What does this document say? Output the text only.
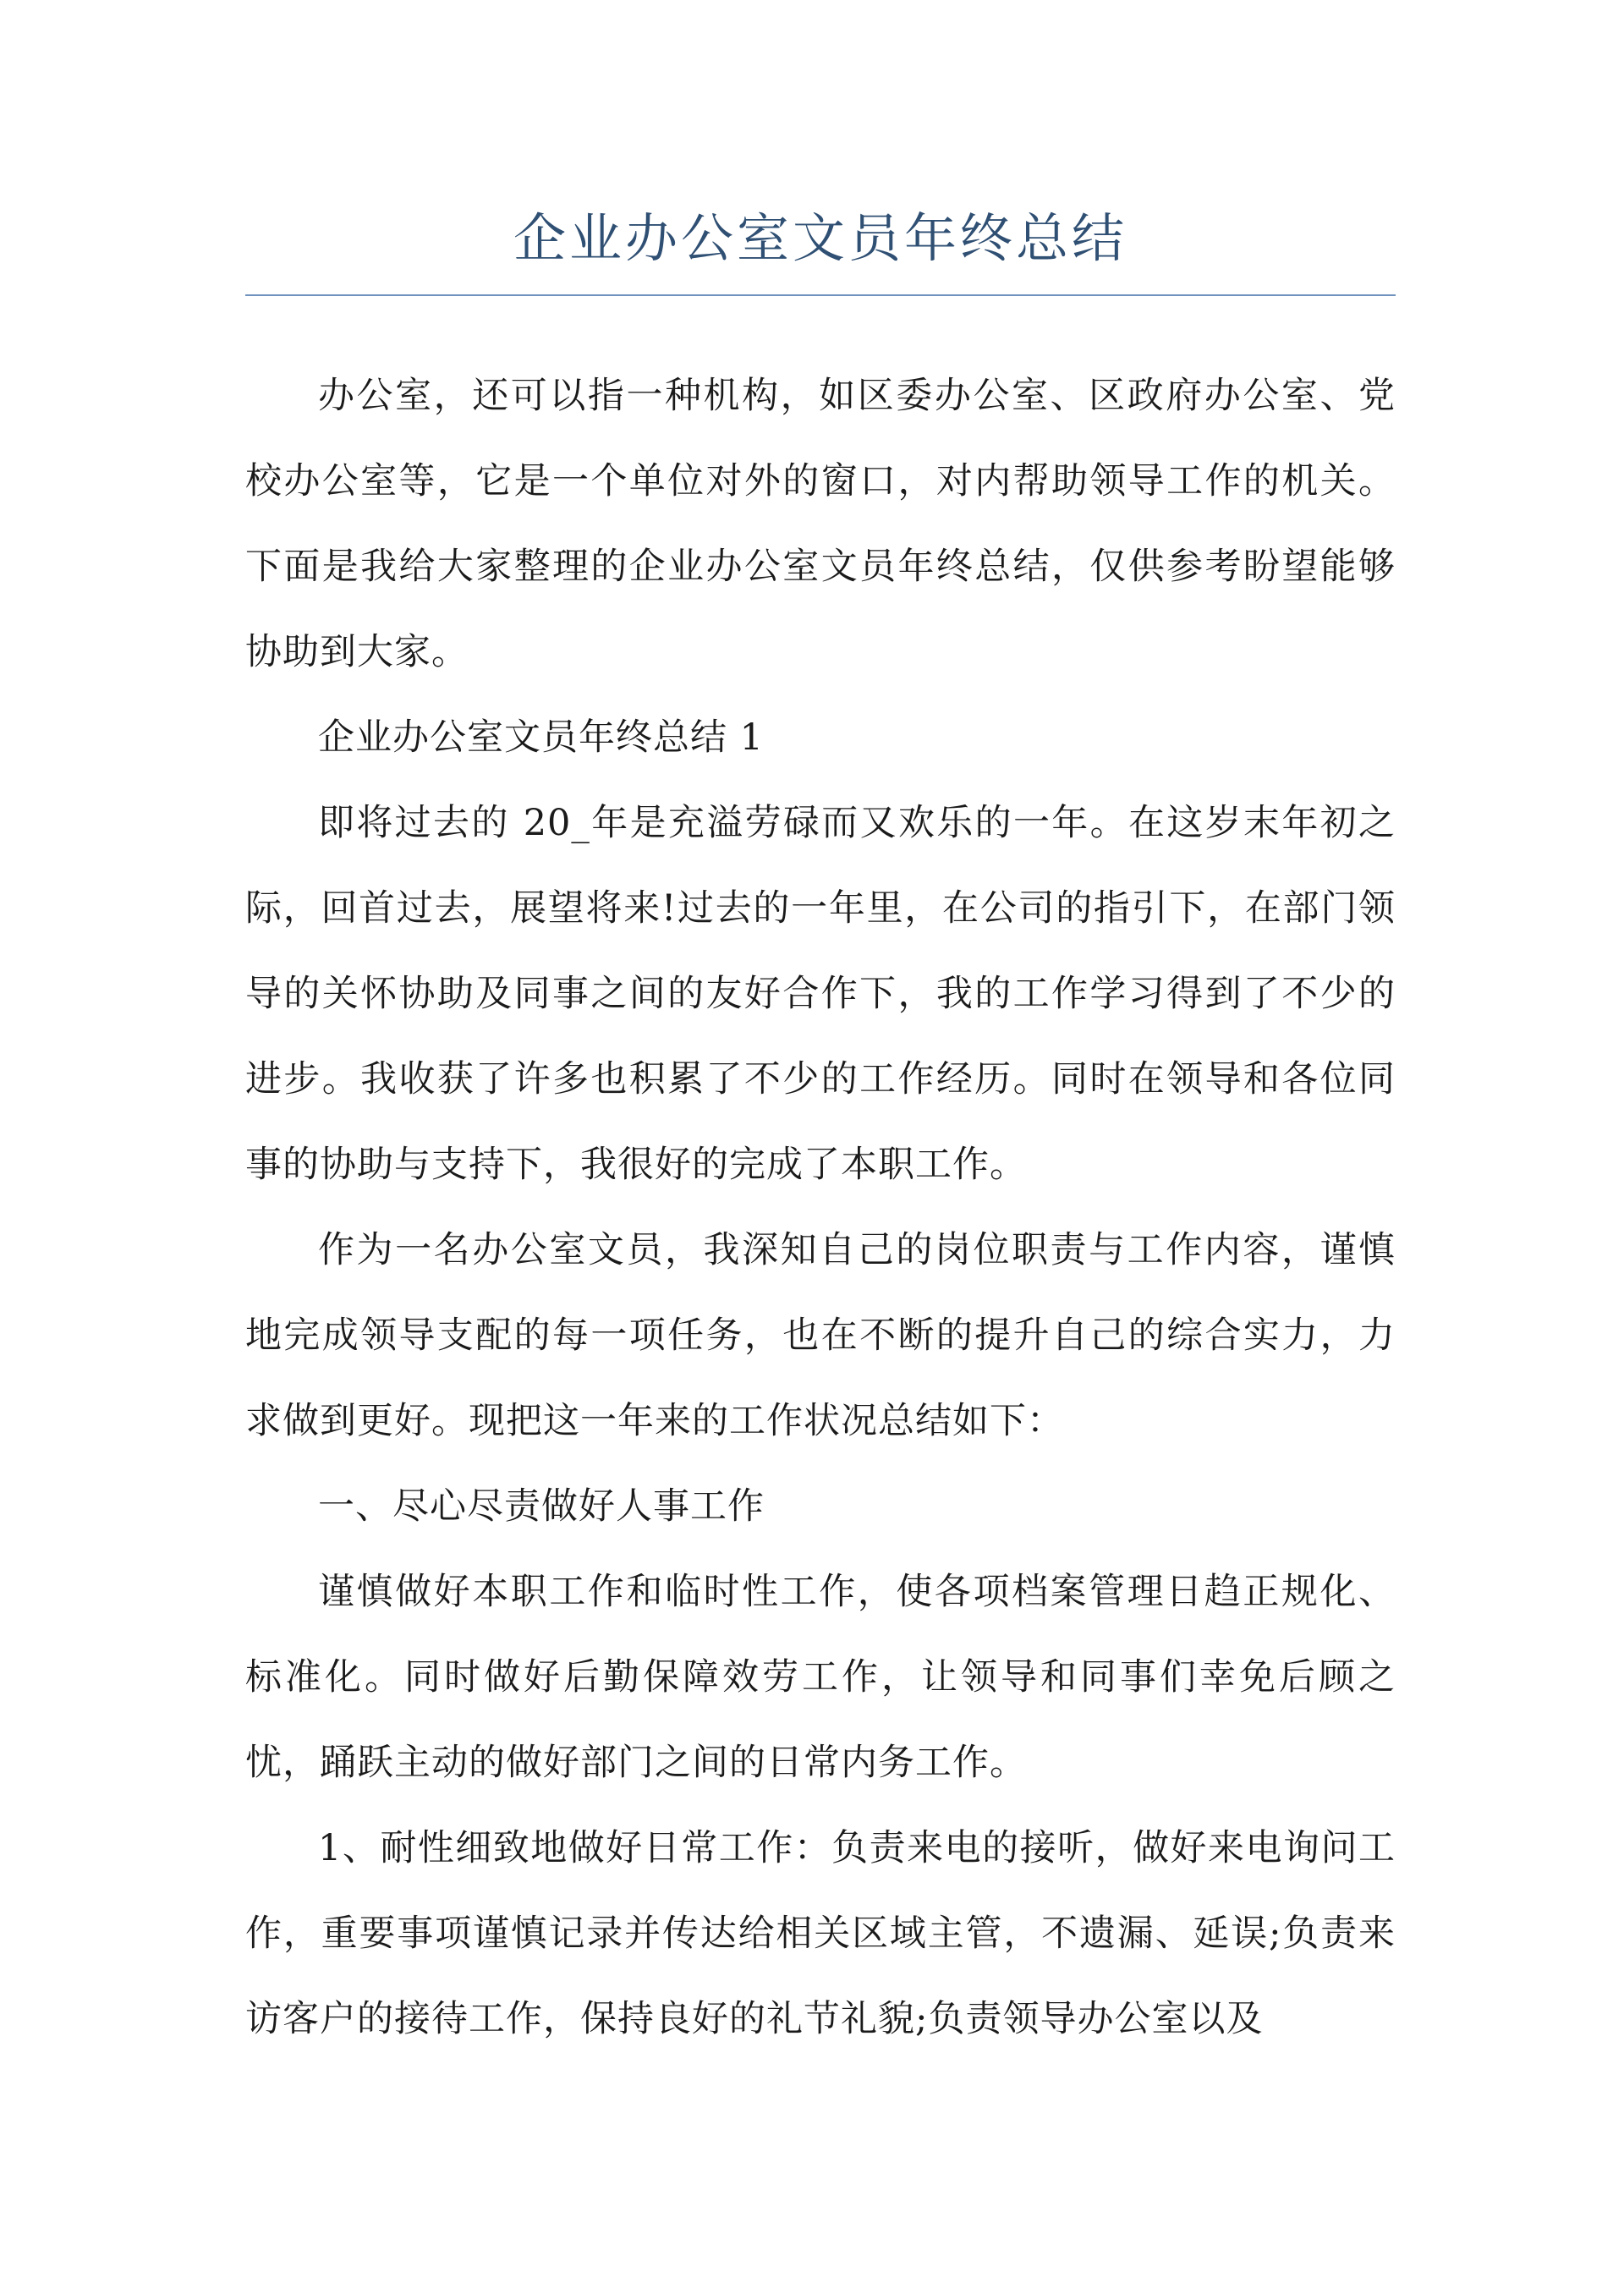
企业办公室文员年终总结

办公室，还可以指一种机构，如区委办公室、区政府办公室、党校办公室等，它是一个单位对外的窗口，对内帮助领导工作的机关。下面是我给大家整理的企业办公室文员年终总结，仅供参考盼望能够协助到大家。

企业办公室文员年终总结 1

即将过去的 20_年是充溢劳碌而又欢乐的一年。在这岁末年初之际，回首过去，展望将来!过去的一年里，在公司的指引下，在部门领导的关怀协助及同事之间的友好合作下，我的工作学习得到了不少的进步。我收获了许多也积累了不少的工作经历。同时在领导和各位同事的协助与支持下，我很好的完成了本职工作。

作为一名办公室文员，我深知自己的岗位职责与工作内容，谨慎地完成领导支配的每一项任务，也在不断的提升自己的综合实力，力求做到更好。现把这一年来的工作状况总结如下：

一、尽心尽责做好人事工作

谨慎做好本职工作和临时性工作，使各项档案管理日趋正规化、标准化。同时做好后勤保障效劳工作，让领导和同事们幸免后顾之忧，踊跃主动的做好部门之间的日常内务工作。

1、耐性细致地做好日常工作：负责来电的接听，做好来电询问工作，重要事项谨慎记录并传达给相关区域主管，不遗漏、延误;负责来访客户的接待工作，保持良好的礼节礼貌;负责领导办公室以及
